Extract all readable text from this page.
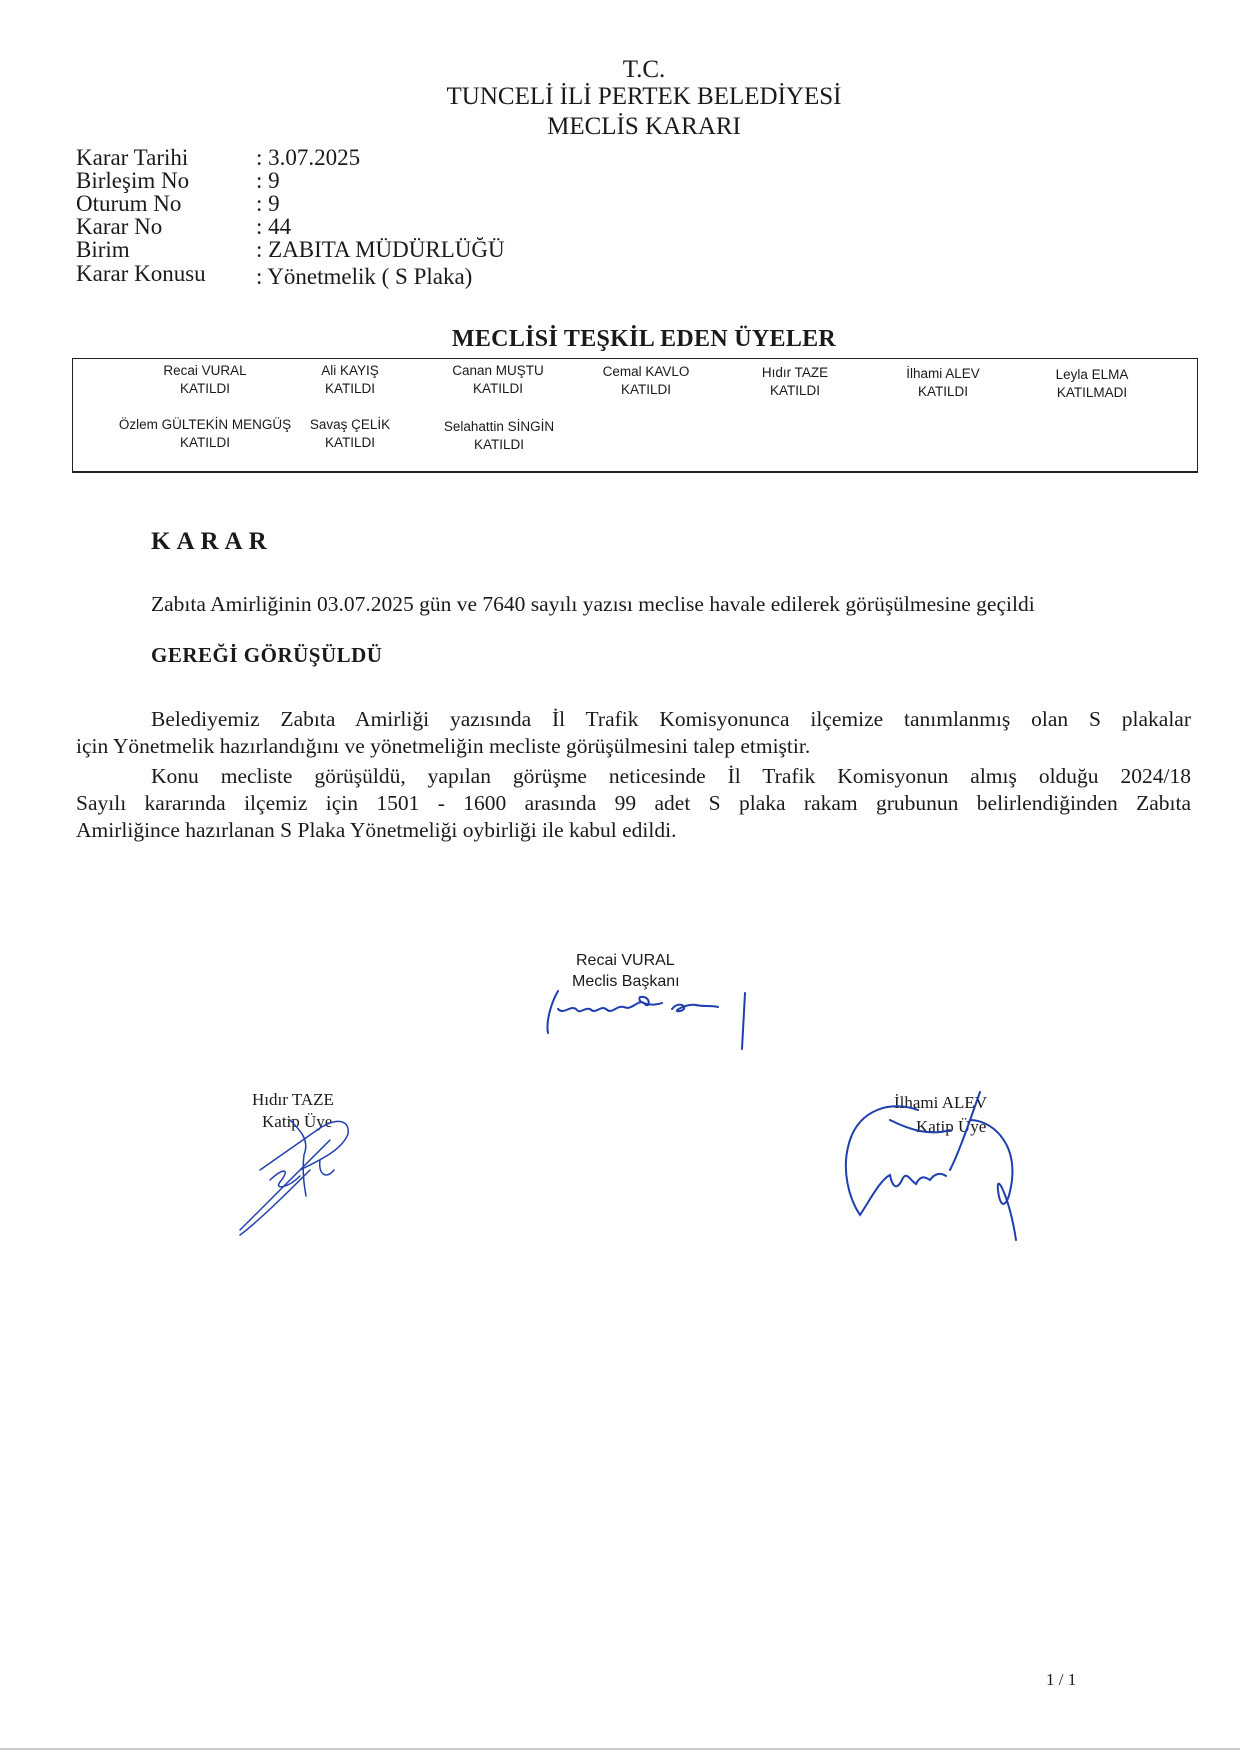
T.C.
TUNCELİ İLİ PERTEK BELEDİYESİ
MECLİS KARARI
Karar Tarihi	: 3.07.2025
Birleşim No	: 9
Oturum No	: 9
Karar No	: 44
Birim	: ZABITA MÜDÜRLÜĞÜ
Karar Konusu : Yönetmelik ( S Plaka)
MECLİSİ TEŞKİL EDEN ÜYELER
Recai VURAL
KATILDI
Ali KAYIŞ
KATILDI
Canan MUŞTU
KATILDI
Cemal KAVLO
KATILDI
Hıdır TAZE
KATILDI
İlhami ALEV
KATILDI
Leyla ELMA
KATILMADI
Özlem GÜLTEKİN MENGÜŞ
KATILDI
Savaş ÇELİK
KATILDI
Selahattin SİNGİN
KATILDI
KARAR
Zabıta Amirliğinin 03.07.2025 gün ve 7640 sayılı yazısı meclise havale edilerek görüşülmesine geçildi
GEREĞİ GÖRÜŞÜLDÜ
Belediyemiz Zabıta Amirliği yazısında İl Trafik Komisyonunca ilçemize tanımlanmış olan S plakalar
için Yönetmelik hazırlandığını ve yönetmeliğin mecliste görüşülmesini talep etmiştir.
Konu mecliste görüşüldü, yapılan görüşme neticesinde İl Trafik Komisyonun almış olduğu 2024/18
Sayılı kararında ilçemiz için 1501 - 1600 arasında 99 adet S plaka rakam grubunun belirlendiğinden Zabıta
Amirliğince hazırlanan S Plaka Yönetmeliği oybirliği ile kabul edildi.
Recai VURAL
Meclis Başkanı
Hıdır TAZE
Katip Üye
İlhami ALEV
Katip Üye
1 / 1
